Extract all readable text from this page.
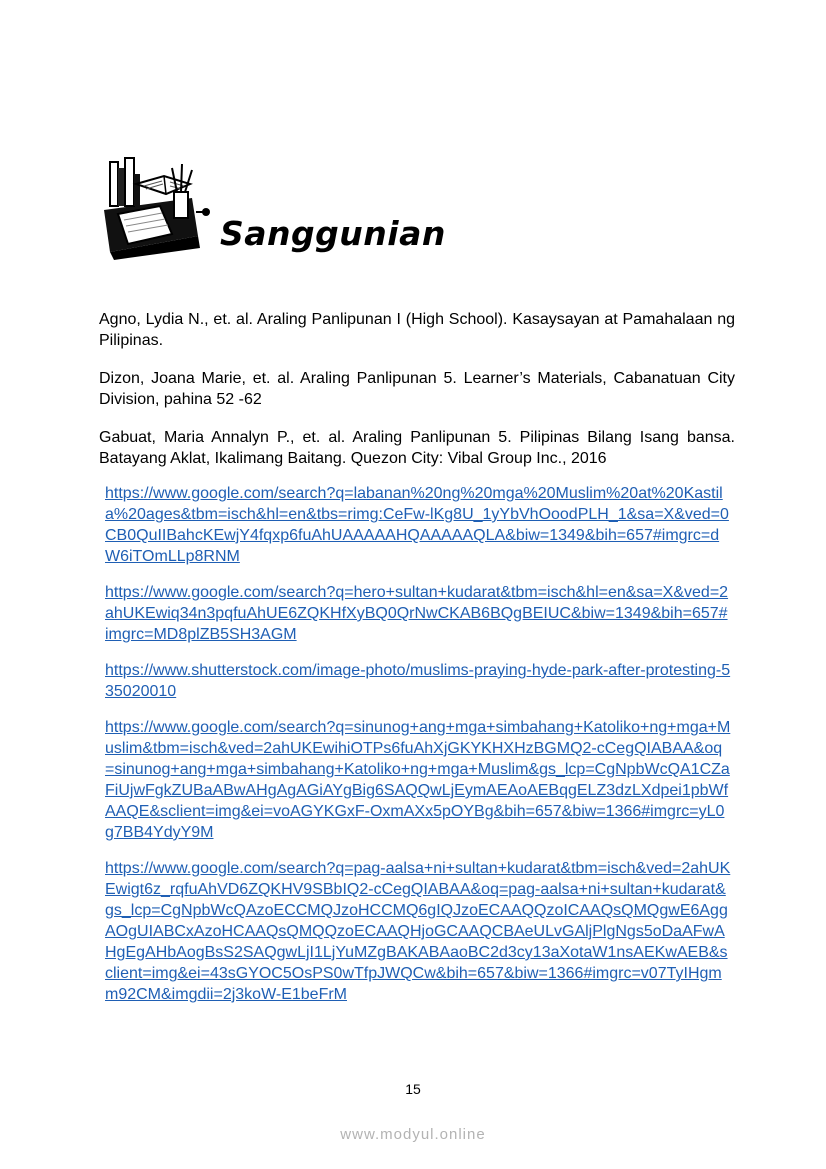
Sanggunian

Agno, Lydia N., et. al. Araling Panlipunan I (High School). Kasaysayan at Pamahalaan ng Pilipinas.

Dizon, Joana Marie, et. al. Araling Panlipunan 5. Learner’s Materials, Cabanatuan City Division, pahina 52 -62

Gabuat, Maria Annalyn P., et. al. Araling Panlipunan 5. Pilipinas Bilang Isang bansa. Batayang Aklat, Ikalimang Baitang. Quezon City: Vibal Group Inc., 2016

https://www.google.com/search?q=labanan%20ng%20mga%20Muslim%20at%20Kastila%20ages&tbm=isch&hl=en&tbs=rimg:CeFw-lKg8U_1yYbVhOoodPLH_1&sa=X&ved=0CB0QuIIBahcKEwjY4fqxp6fuAhUAAAAAHQAAAAAQLA&biw=1349&bih=657#imgrc=dW6iTOmLLp8RNM
https://www.google.com/search?q=hero+sultan+kudarat&tbm=isch&hl=en&sa=X&ved=2ahUKEwiq34n3pqfuAhUE6ZQKHfXyBQ0QrNwCKAB6BQgBEIUC&biw=1349&bih=657#imgrc=MD8plZB5SH3AGM
https://www.shutterstock.com/image-photo/muslims-praying-hyde-park-after-protesting-535020010
https://www.google.com/search?q=sinunog+ang+mga+simbahang+Katoliko+ng+mga+Muslim&tbm=isch&ved=2ahUKEwihiOTPs6fuAhXjGKYKHXHzBGMQ2-cCegQIABAA&oq=sinunog+ang+mga+simbahang+Katoliko+ng+mga+Muslim&gs_lcp=CgNpbWcQA1CZaFiUjwFgkZUBaABwAHgAgAGiAYgBig6SAQQwLjEymAEAoAEBqgELZ3dzLXdpei1pbWfAAQE&sclient=img&ei=voAGYKGxF-OxmAXx5pOYBg&bih=657&biw=1366#imgrc=yL0g7BB4YdyY9M
https://www.google.com/search?q=pag-aalsa+ni+sultan+kudarat&tbm=isch&ved=2ahUKEwigt6z_rqfuAhVD6ZQKHV9SBbIQ2-cCegQIABAA&oq=pag-aalsa+ni+sultan+kudarat&gs_lcp=CgNpbWcQAzoECCMQJzoHCCMQ6gIQJzoECAAQQzoICAAQsQMQgwE6AggAOgUIABCxAzoHCAAQsQMQQzoECAAQHjoGCAAQCBAeULvGAljPlgNgs5oDaAFwAHgEgAHbAogBsS2SAQgwLjI1LjYuMZgBAKABAaoBC2d3cy13aXotaW1nsAEKwAEB&sclient=img&ei=43sGYOC5OsPS0wTfpJWQCw&bih=657&biw=1366#imgrc=v07TyIHgmm92CM&imgdii=2j3koW-E1beFrM
15
www.modyul.online
